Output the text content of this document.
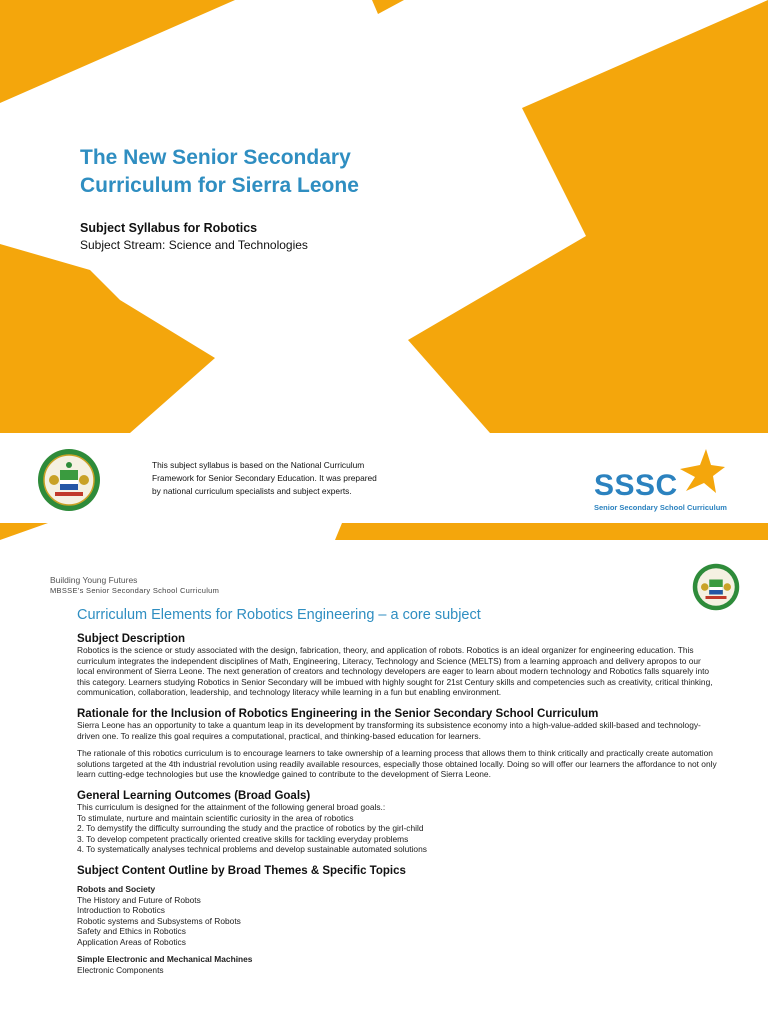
The New Senior Secondary
Curriculum for Sierra Leone
Subject Syllabus for Robotics
Subject Stream: Science and Technologies
This subject syllabus is based on the National Curriculum
Framework for Senior Secondary Education. It was prepared
by national curriculum specialists and subject experts.	SSSC
Senior Secondary School Curriculum
Building Young Futures
MBSSE’s Senior Secondary School Curriculum
Curriculum Elements for Robotics Engineering – a core subject
Subject Description

Robotics is the science or study associated with the design, fabrication, theory, and application of robots. Robotics is an ideal organizer for engineering education. This curriculum integrates the independent disciplines of Math, Engineering, Literacy, Technology and Science (MELTS) from a learning approach and delivery apropos to our local environment of Sierra Leone. The next generation of creators and technology developers are eager to learn about modern technology and Robotics falls squarely into this category. Learners studying Robotics in Senior Secondary will be imbued with highly sought for 21st Century skills and competencies such as creativity, critical thinking, communication, collaboration, leadership, and technology literacy while learning in a fun but enabling environment.

Rationale for the Inclusion of Robotics Engineering in the Senior Secondary School Curriculum

Sierra Leone has an opportunity to take a quantum leap in its development by transforming its subsistence economy into a high-value-added skill-based and technology-driven one. To realize this goal requires a computational, practical, and thinking-based education for learners.

The rationale of this robotics curriculum is to encourage learners to take ownership of a learning process that allows them to think critically and practically create automation solutions targeted at the 4th industrial revolution using readily available resources, especially those obtained locally. Doing so will offer our learners the affordance to not only learn cutting-edge technologies but use the knowledge gained to contribute to the development of Sierra Leone.

General Learning Outcomes (Broad Goals)

This curriculum is designed for the attainment of the following general broad goals.:

To stimulate, nurture and maintain scientific curiosity in the area of robotics
2. To demystify the difficulty surrounding the study and the practice of robotics by the girl-child
3. To develop competent practically oriented creative skills for tackling everyday problems
4. To systematically analyses technical problems and develop sustainable automated solutions
Subject Content Outline by Broad Themes & Specific Topics

Robots and Society

The History and Future of Robots
Introduction to Robotics
Robotic systems and Subsystems of Robots
Safety and Ethics in Robotics
Application Areas of Robotics

Simple Electronic and Mechanical Machines

Electronic Components
